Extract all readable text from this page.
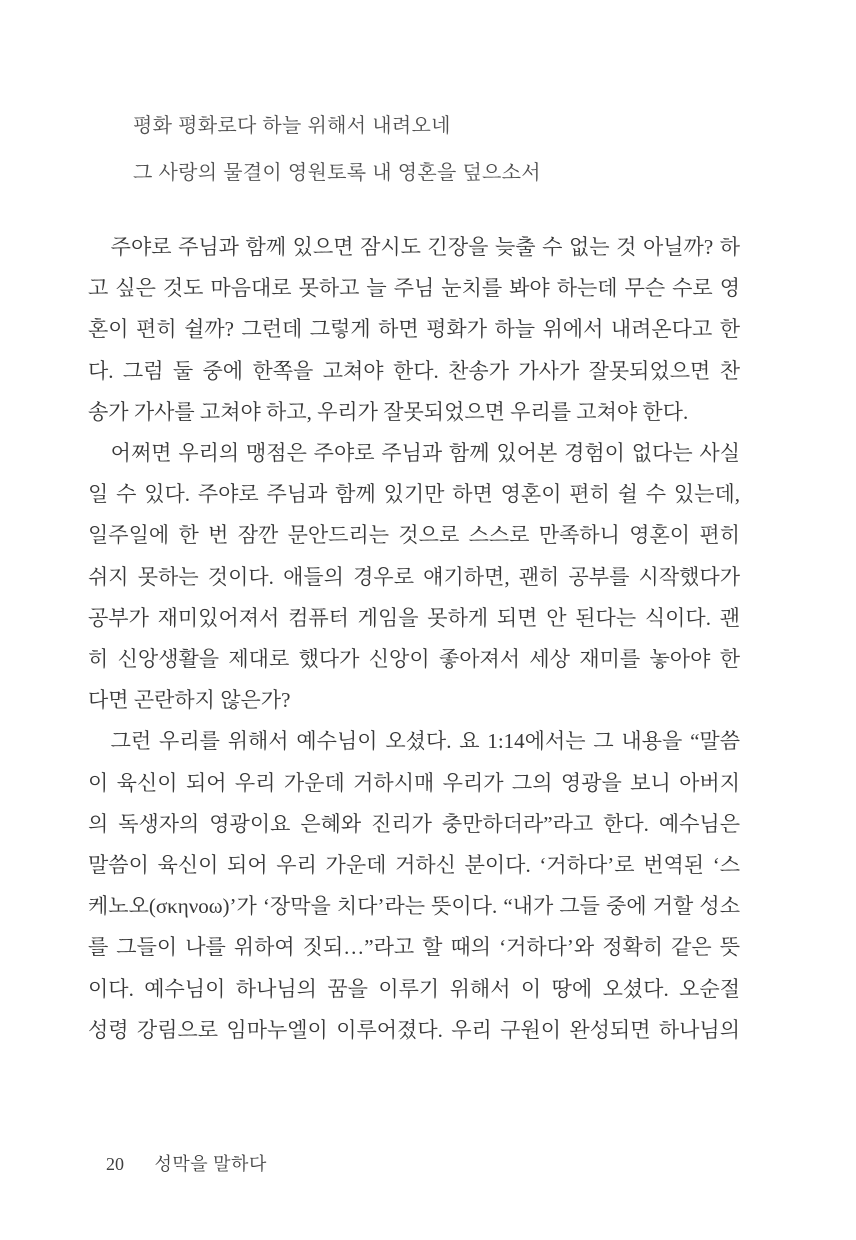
평화 평화로다 하늘 위해서 내려오네
그 사랑의 물결이 영원토록 내 영혼을 덮으소서
주야로 주님과 함께 있으면 잠시도 긴장을 늦출 수 없는 것 아닐까? 하
고 싶은 것도 마음대로 못하고 늘 주님 눈치를 봐야 하는데 무슨 수로 영
혼이 편히 쉴까? 그런데 그렇게 하면 평화가 하늘 위에서 내려온다고 한
다. 그럼 둘 중에 한쪽을 고쳐야 한다. 찬송가 가사가 잘못되었으면 찬
송가 가사를 고쳐야 하고, 우리가 잘못되었으면 우리를 고쳐야 한다.
어쩌면 우리의 맹점은 주야로 주님과 함께 있어본 경험이 없다는 사실
일 수 있다. 주야로 주님과 함께 있기만 하면 영혼이 편히 쉴 수 있는데,
일주일에 한 번 잠깐 문안드리는 것으로 스스로 만족하니 영혼이 편히
쉬지 못하는 것이다. 애들의 경우로 얘기하면, 괜히 공부를 시작했다가
공부가 재미있어져서 컴퓨터 게임을 못하게 되면 안 된다는 식이다. 괜
히 신앙생활을 제대로 했다가 신앙이 좋아져서 세상 재미를 놓아야 한
다면 곤란하지 않은가?
그런 우리를 위해서 예수님이 오셨다. 요 1:14에서는 그 내용을 “말씀
이 육신이 되어 우리 가운데 거하시매 우리가 그의 영광을 보니 아버지
의 독생자의 영광이요 은혜와 진리가 충만하더라”라고 한다. 예수님은
말씀이 육신이 되어 우리 가운데 거하신 분이다. ‘거하다’로 번역된 ‘스
케노오(σκηνοω)’가 ‘장막을 치다’라는 뜻이다. “내가 그들 중에 거할 성소
를 그들이 나를 위하여 짓되…”라고 할 때의 ‘거하다’와 정확히 같은 뜻
이다. 예수님이 하나님의 꿈을 이루기 위해서 이 땅에 오셨다. 오순절
성령 강림으로 임마누엘이 이루어졌다. 우리 구원이 완성되면 하나님의
20 성막을 말하다
